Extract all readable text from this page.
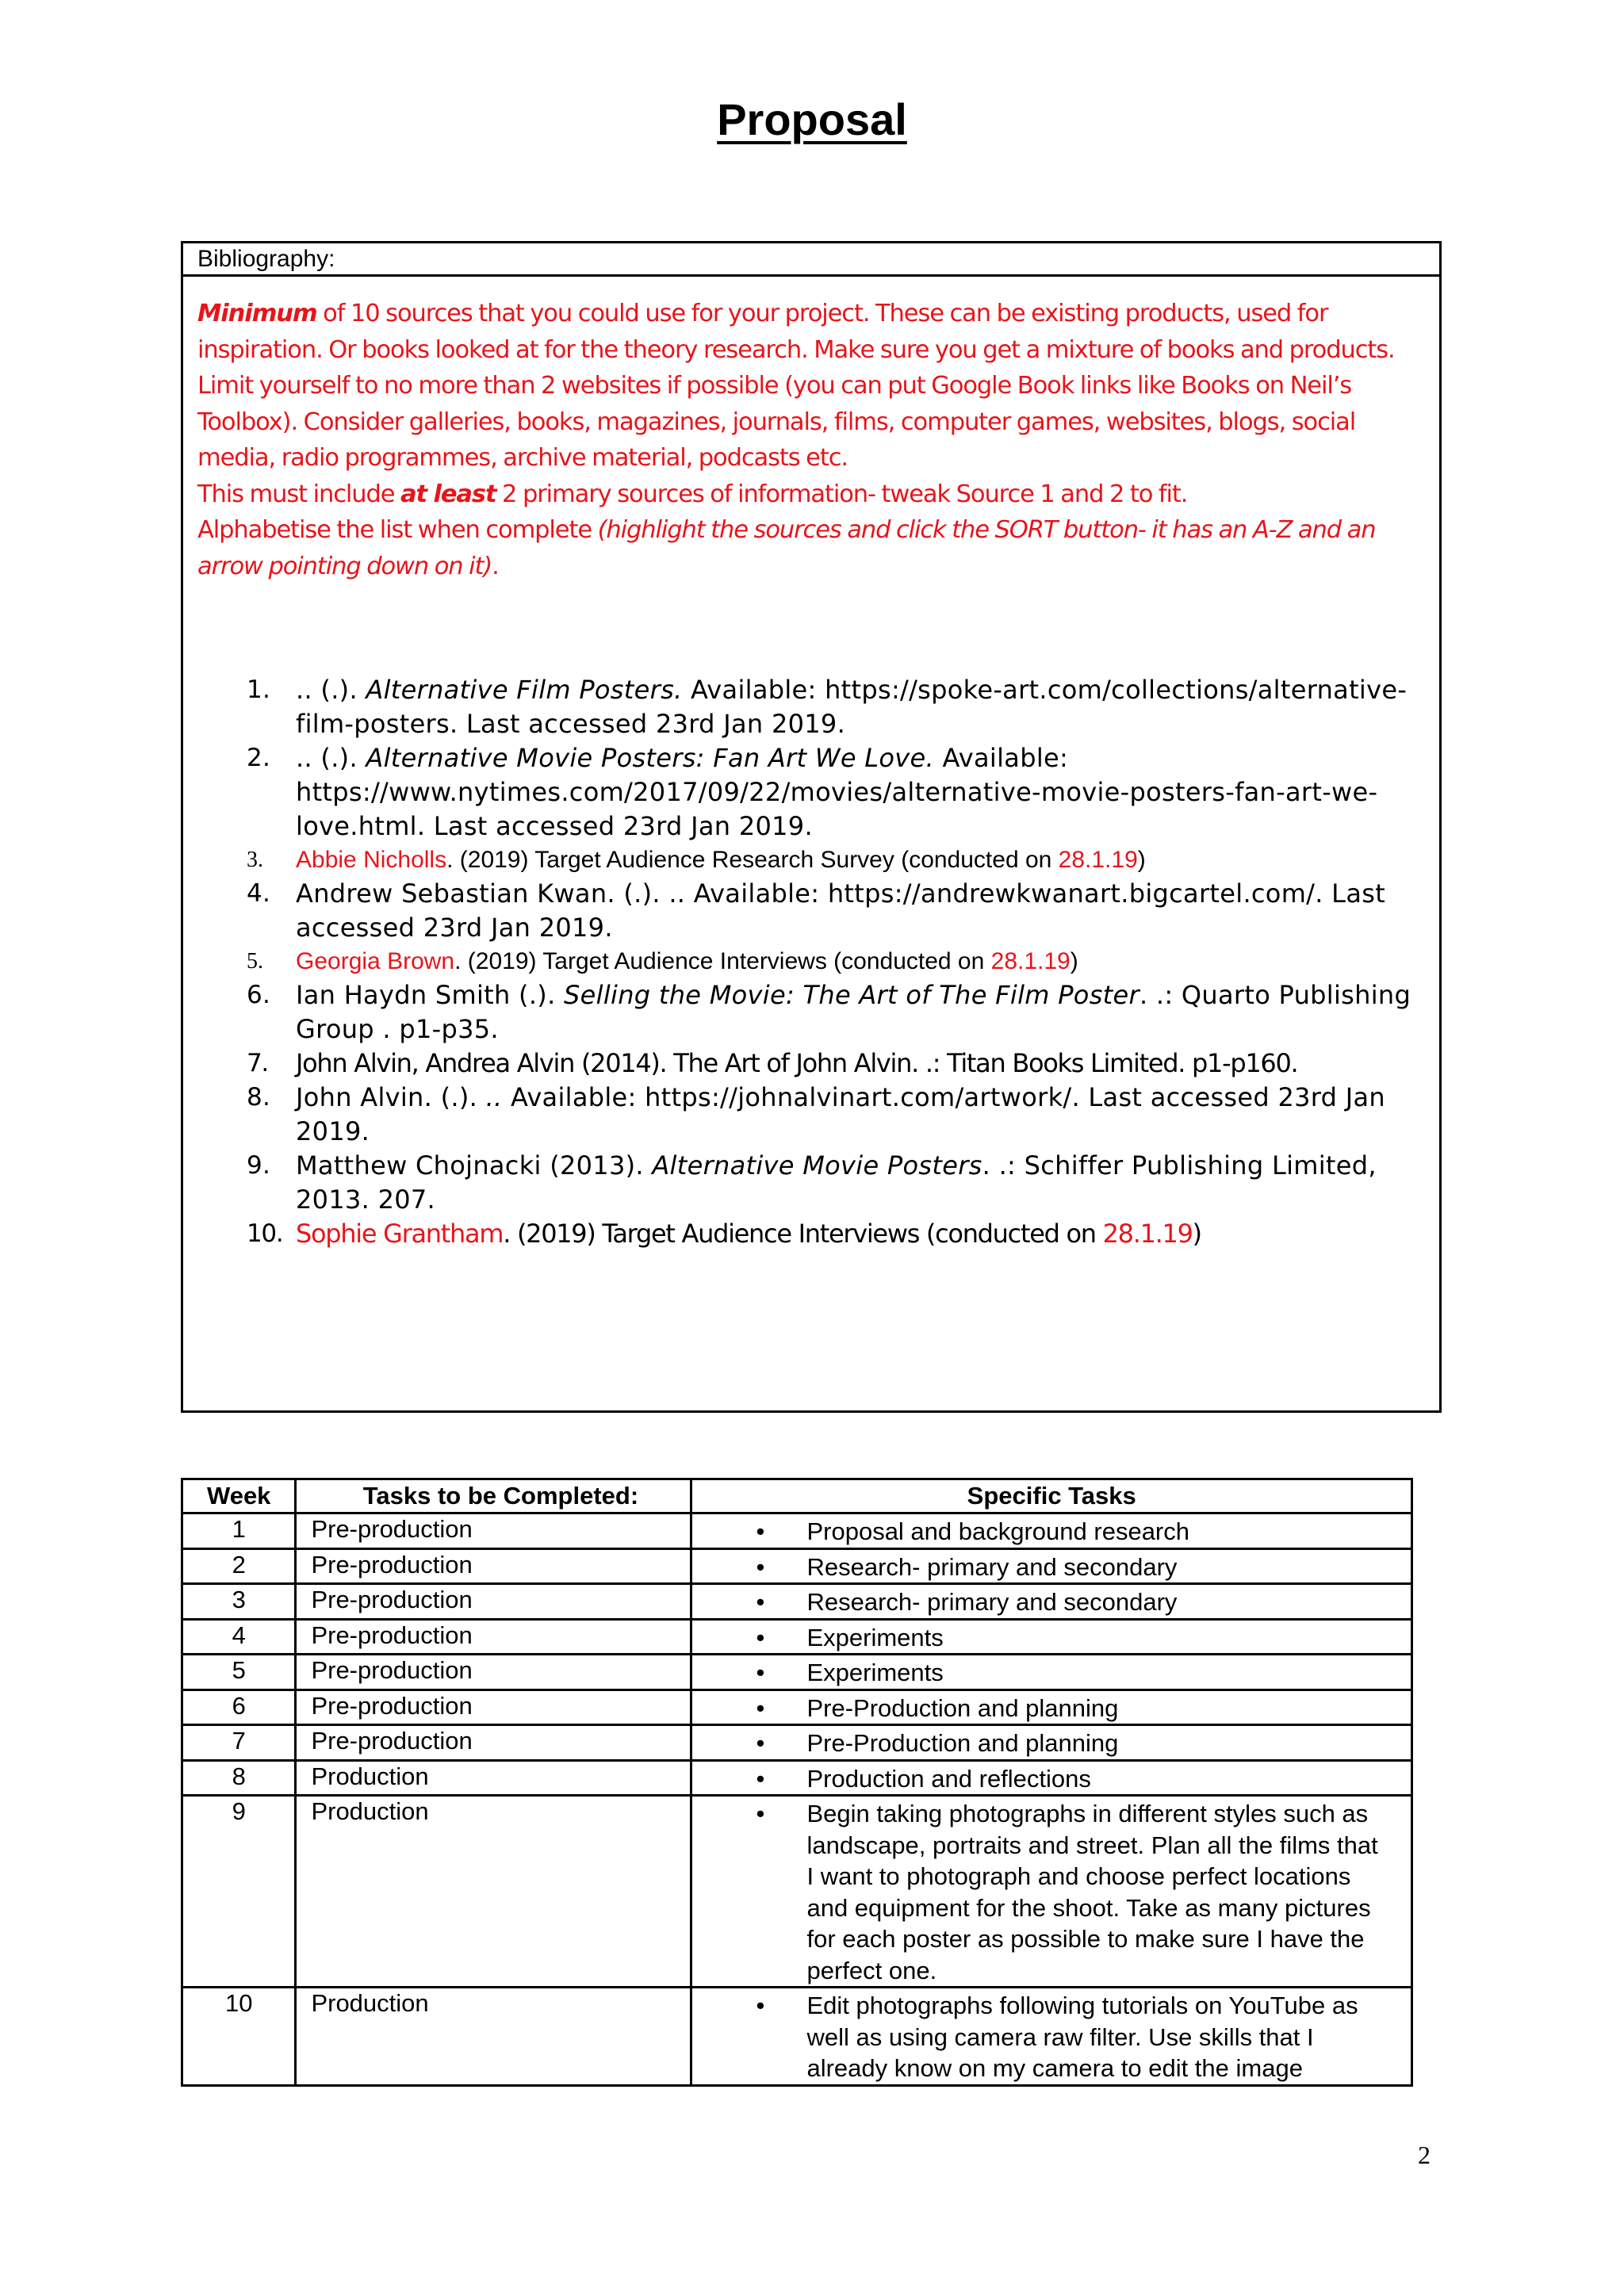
Proposal
Bibliography:
Minimum of 10 sources that you could use for your project. These can be existing products, used for inspiration. Or books looked at for the theory research. Make sure you get a mixture of books and products. Limit yourself to no more than 2 websites if possible (you can put Google Book links like Books on Neil’s Toolbox). Consider galleries, books, magazines, journals, films, computer games, websites, blogs, social media, radio programmes, archive material, podcasts etc.
This must include at least 2 primary sources of information- tweak Source 1 and 2 to fit.
Alphabetise the list when complete (highlight the sources and click the SORT button- it has an A-Z and an arrow pointing down on it).
1. .. (.). Alternative Film Posters. Available: https://spoke-art.com/collections/alternative-film-posters. Last accessed 23rd Jan 2019.
2. .. (.). Alternative Movie Posters: Fan Art We Love. Available: https://www.nytimes.com/2017/09/22/movies/alternative-movie-posters-fan-art-we-love.html. Last accessed 23rd Jan 2019.
3. Abbie Nicholls. (2019) Target Audience Research Survey (conducted on 28.1.19)
4. Andrew Sebastian Kwan. (.). .. Available: https://andrewkwanart.bigcartel.com/. Last accessed 23rd Jan 2019.
5. Georgia Brown. (2019) Target Audience Interviews (conducted on 28.1.19)
6. Ian Haydn Smith (.). Selling the Movie: The Art of The Film Poster. .: Quarto Publishing Group . p1-p35.
7. John Alvin, Andrea Alvin (2014). The Art of John Alvin. .: Titan Books Limited. p1-p160.
8. John Alvin. (.). .. Available: https://johnalvinart.com/artwork/. Last accessed 23rd Jan 2019.
9. Matthew Chojnacki (2013). Alternative Movie Posters. .: Schiffer Publishing Limited, 2013. 207.
10. Sophie Grantham. (2019) Target Audience Interviews (conducted on 28.1.19)
Week	Tasks to be Completed:	Specific Tasks
1	Pre-production	• Proposal and background research

2	Pre-production	• Research- primary and secondary

3	Pre-production	• Research- primary and secondary

4	Pre-production	• Experiments

5	Pre-production	• Experiments

6	Pre-production	• Pre-Production and planning

7	Pre-production	• Pre-Production and planning

8	Production	• Production and reflections

9	Production	• Begin taking photographs in different styles such as landscape, portraits and street. Plan all the films that I want to photograph and choose perfect locations and equipment for the shoot. Take as many pictures for each poster as possible to make sure I have the perfect one.

10	Production	• Edit photographs following tutorials on YouTube as well as using camera raw filter. Use skills that I already know on my camera to edit the image
2
